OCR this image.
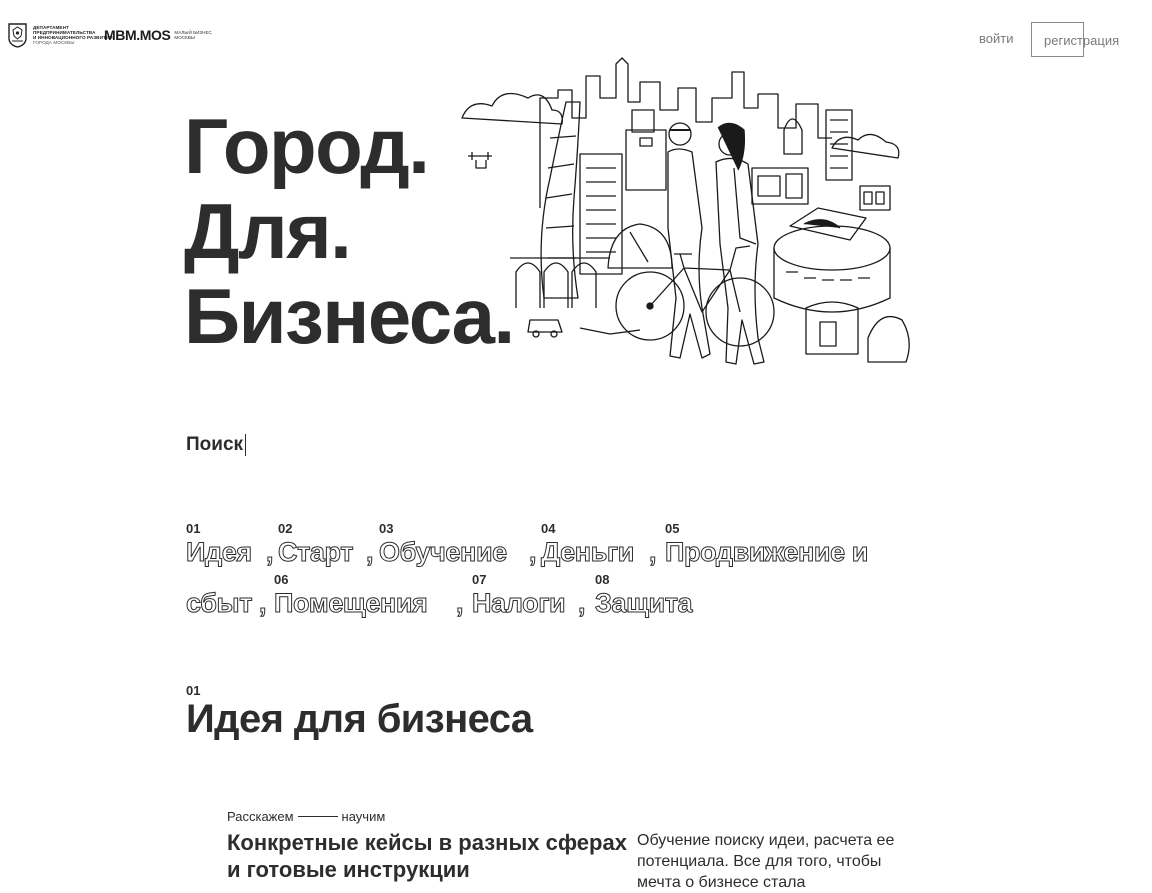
ДЕПАРТАМЕНТ
ПРЕДПРИНИМАТЕЛЬСТВА
И ИННОВАЦИОННОГО РАЗВИТИЯ
ГОРОДА МОСКВЫ	MBM.MOS МАЛЫЙ БИЗНЕС
МОСКВЫ	войти	регистрация
Город.
Для.
Бизнеса.
Поиск
01
Идея ,
02
Старт ,
03
Обучение ,
04
Деньги ,
05
Продвижение и
сбыт ,
06
Помещения ,
07
Налоги ,
08
Защита
01
Идея для бизнеса
Расскажем	научим
Конкретные кейсы в разных сферах и готовые инструкции

Обучение поиску идеи, расчета ее потенциала. Все для того, чтобы мечта о бизнесе стала
